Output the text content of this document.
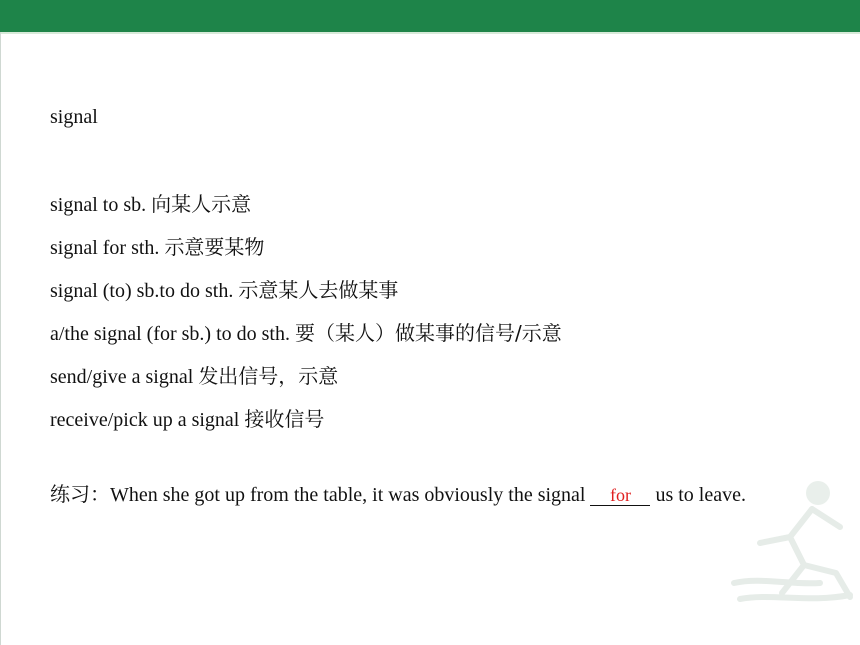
signal

signal to sb. 向某人示意

signal for sth. 示意要某物

signal (to) sb.to do sth. 示意某人去做某事

a/the signal (for sb.) to do sth. 要（某人）做某事的信号/示意

send/give a signal 发出信号，示意

receive/pick up a signal 接收信号

练习：When she got up from the table, it was obviously the signal for us to leave.
